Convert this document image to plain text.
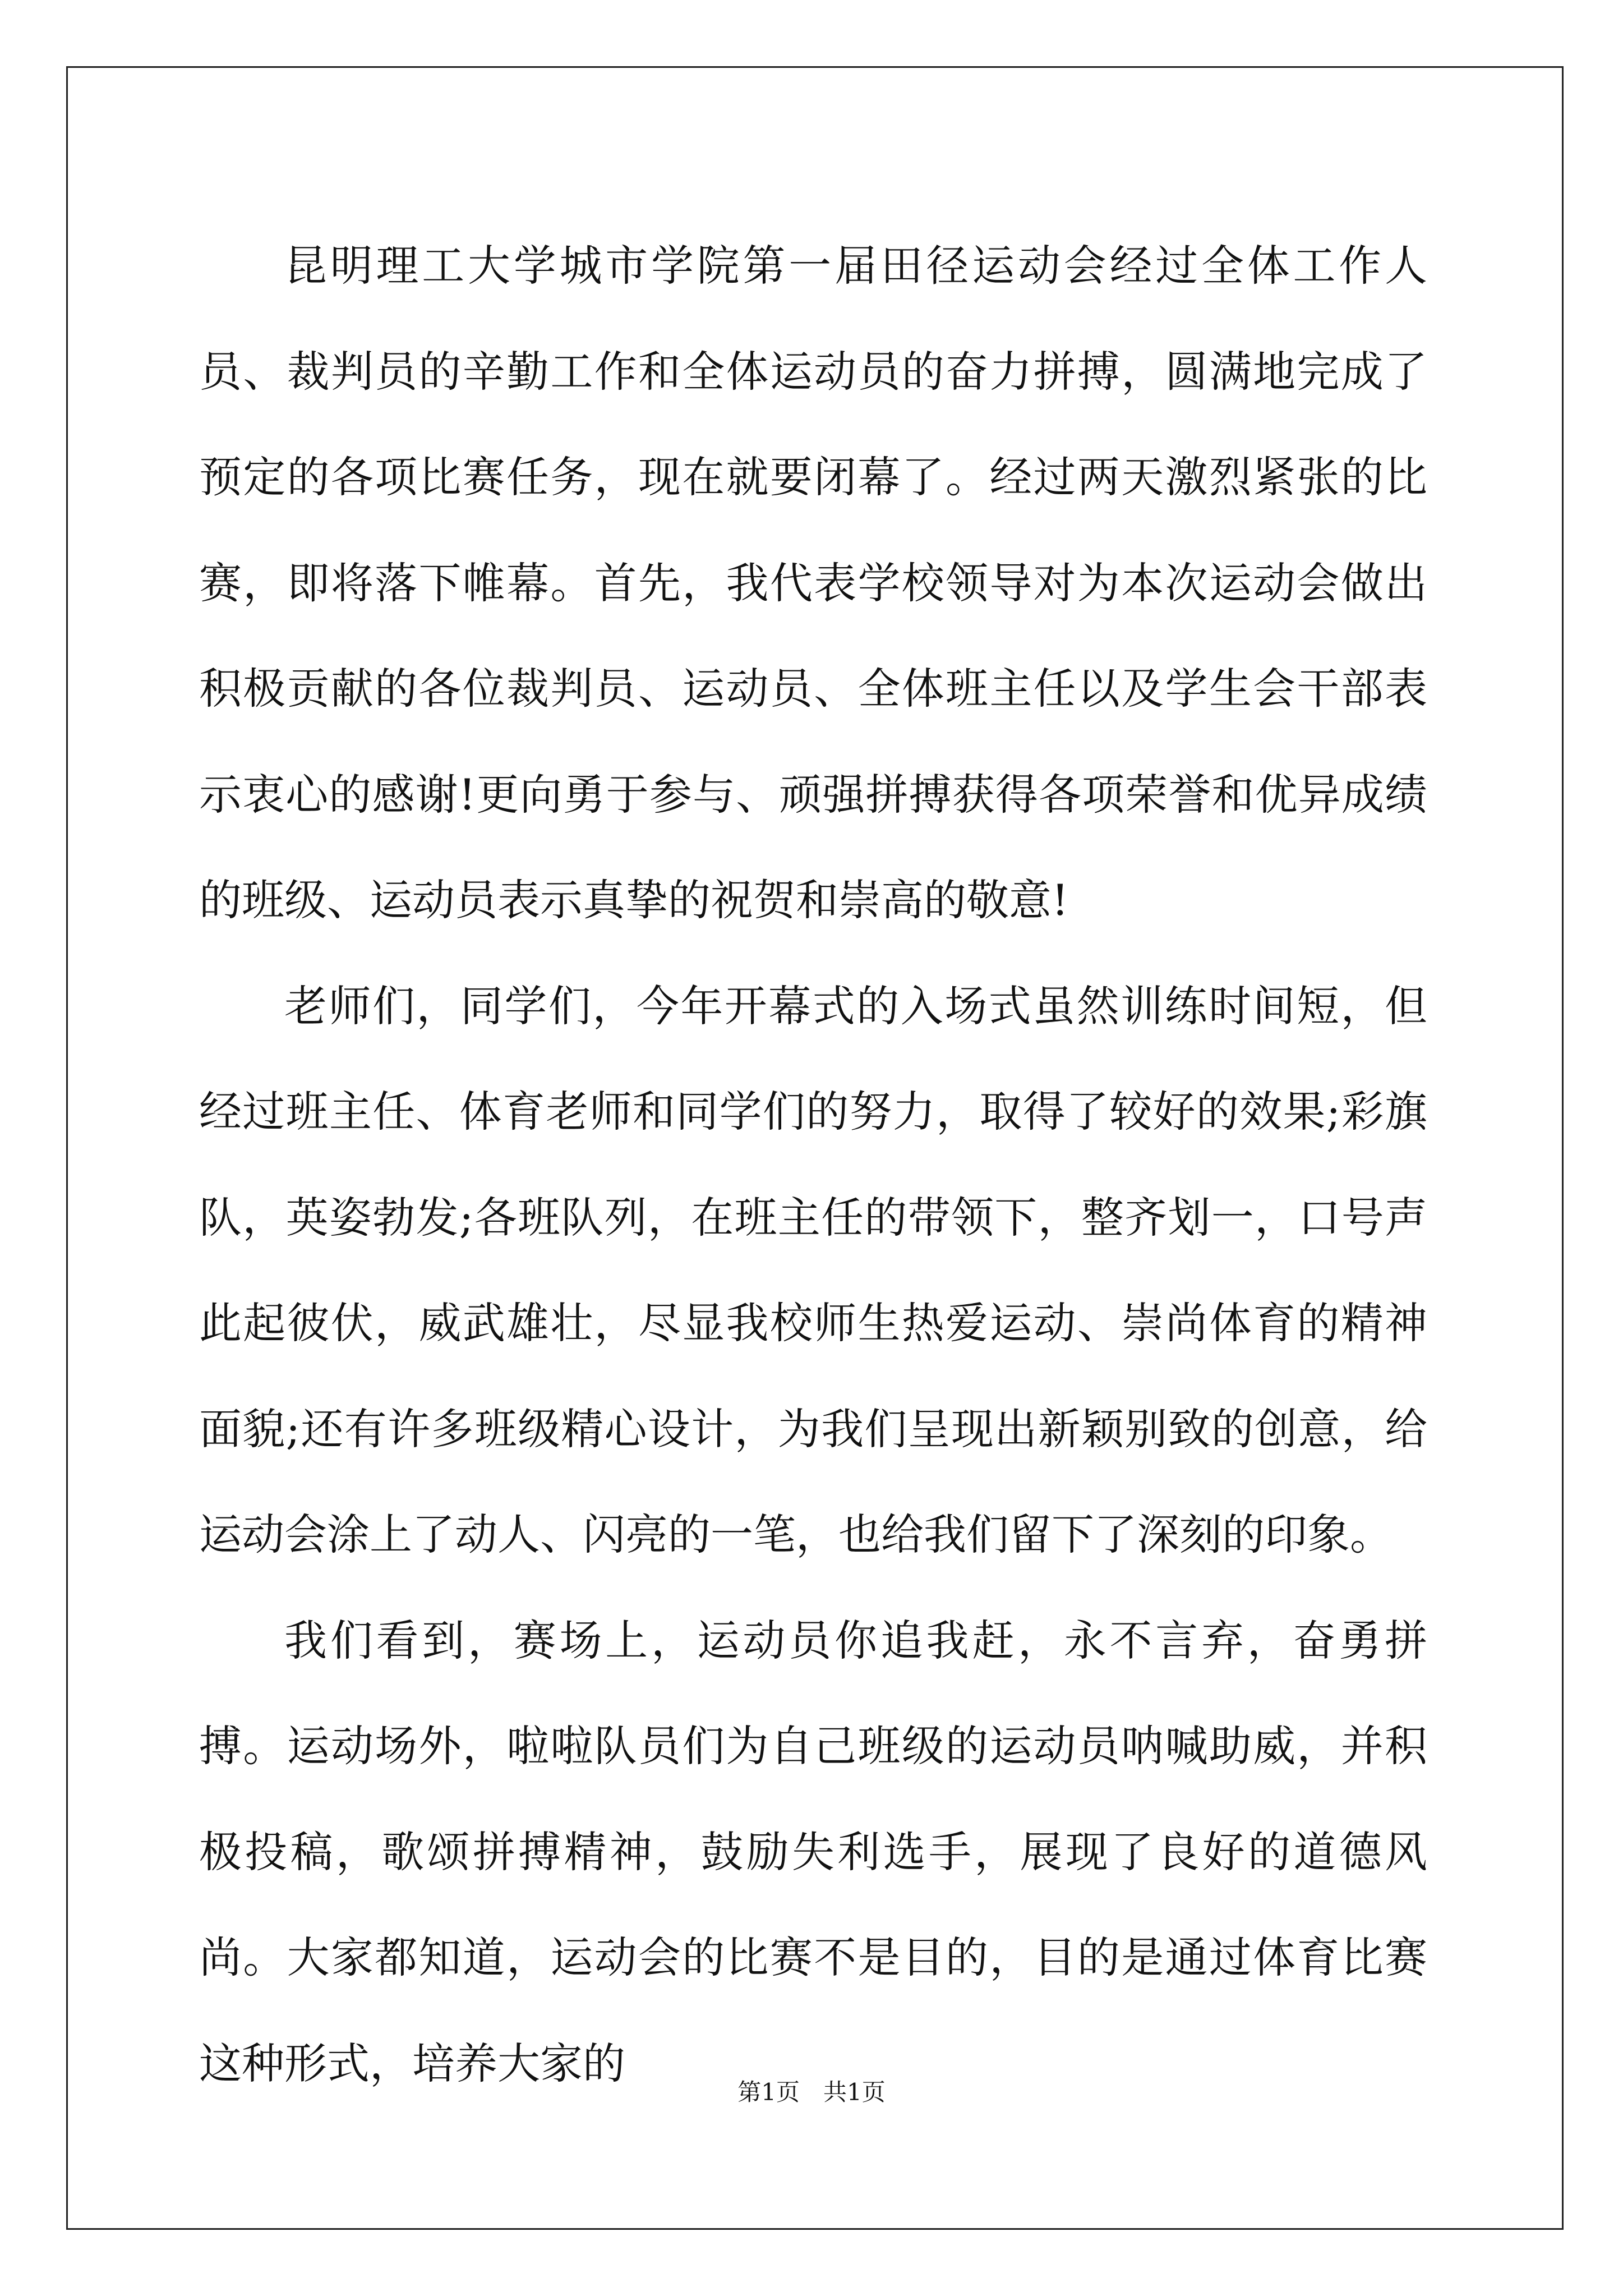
昆明理工大学城市学院第一届田径运动会经过全体工作人员、裁判员的辛勤工作和全体运动员的奋力拼搏，圆满地完成了预定的各项比赛任务，现在就要闭幕了。经过两天激烈紧张的比赛，即将落下帷幕。首先，我代表学校领导对为本次运动会做出积极贡献的各位裁判员、运动员、全体班主任以及学生会干部表示衷心的感谢!更向勇于参与、顽强拼搏获得各项荣誉和优异成绩的班级、运动员表示真挚的祝贺和崇高的敬意!

老师们，同学们，今年开幕式的入场式虽然训练时间短，但经过班主任、体育老师和同学们的努力，取得了较好的效果;彩旗队，英姿勃发;各班队列，在班主任的带领下，整齐划一，口号声此起彼伏，威武雄壮，尽显我校师生热爱运动、崇尚体育的精神面貌;还有许多班级精心设计，为我们呈现出新颖别致的创意，给运动会涂上了动人、闪亮的一笔，也给我们留下了深刻的印象。

我们看到，赛场上，运动员你追我赶，永不言弃，奋勇拼搏。运动场外，啦啦队员们为自己班级的运动员呐喊助威，并积极投稿，歌颂拼搏精神，鼓励失利选手，展现了良好的道德风尚。大家都知道，运动会的比赛不是目的，目的是通过体育比赛这种形式，培养大家的

第1页　共1页
